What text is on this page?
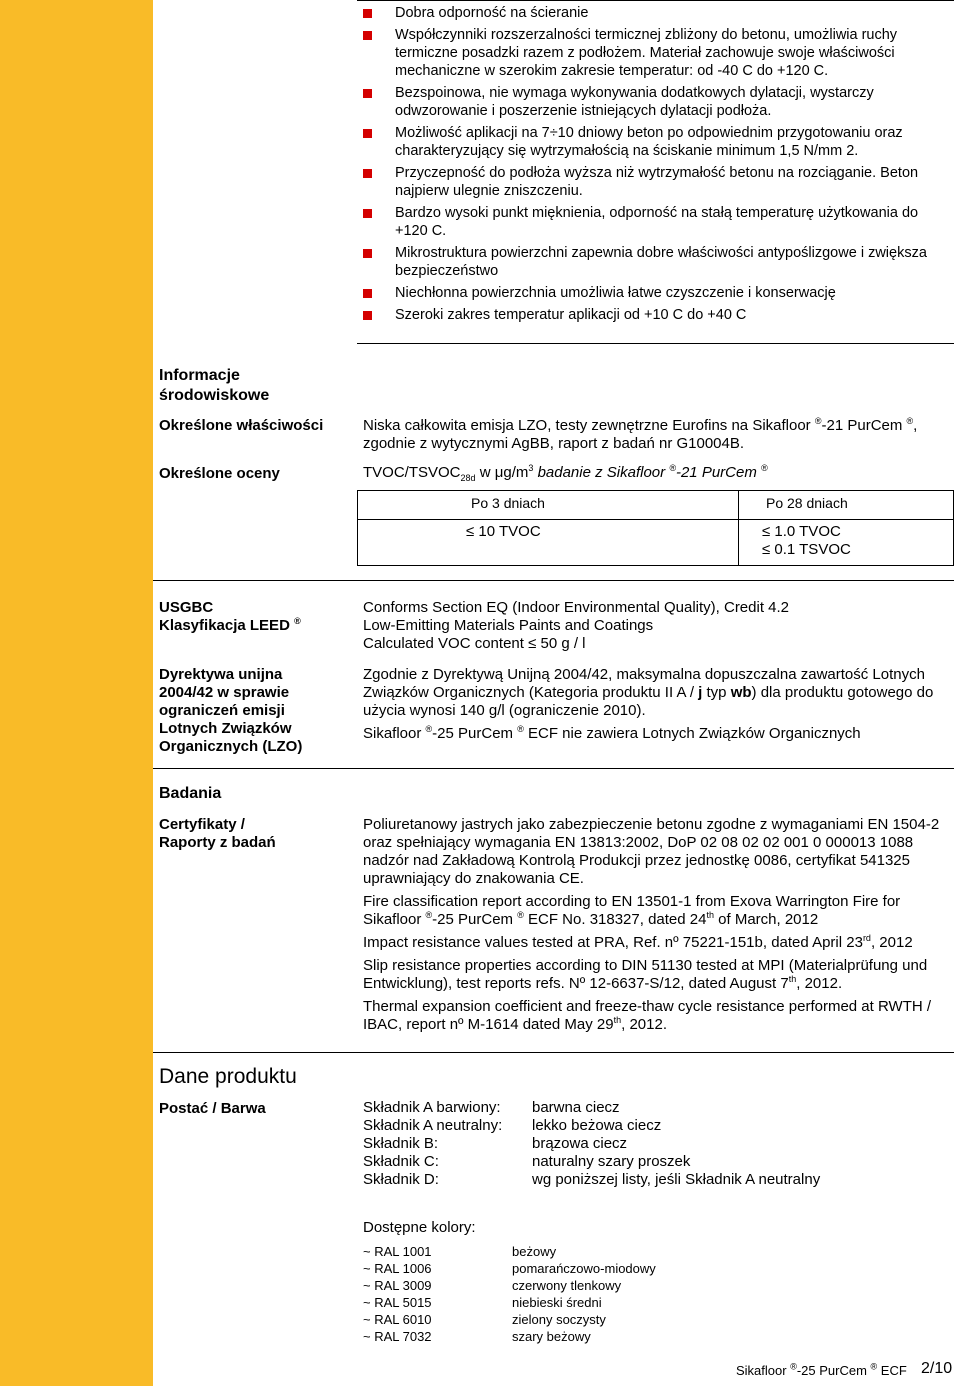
Dobra odporność na ścieranie
Współczynniki rozszerzalności termicznej zbliżony do betonu, umożliwia ruchy termiczne posadzki razem z podłożem. Materiał zachowuje swoje właściwości mechaniczne w szerokim zakresie temperatur: od -40 C do +120 C.
Bezspoinowa, nie wymaga wykonywania dodatkowych dylatacji, wystarczy odwzorowanie i poszerzenie istniejących dylatacji podłoża.
Możliwość aplikacji na 7÷10 dniowy beton po odpowiednim przygotowaniu oraz charakteryzujący się wytrzymałością na ściskanie minimum 1,5 N/mm 2.
Przyczepność do podłoża wyższa niż wytrzymałość betonu na rozciąganie. Beton najpierw ulegnie zniszczeniu.
Bardzo wysoki punkt mięknienia, odporność na stałą temperaturę użytkowania do +120 C.
Mikrostruktura powierzchni zapewnia dobre właściwości antypoślizgowe i zwiększa bezpieczeństwo
Niechłonna powierzchnia umożliwia łatwe czyszczenie i konserwację
Szeroki zakres temperatur aplikacji od +10 C do +40 C
Informacje
środowiskowe
Określone właściwości	Niska całkowita emisja LZO, testy zewnętrzne Eurofins na Sikafloor ®-21 PurCem ®,
zgodnie z wytycznymi AgBB, raport z badań nr G10004B.
Określone oceny	TVOC/$TSVOC_{28d}$ w $\mu g/m^3$ badanie z Sikafloor ®-21 PurCem ®
Po 3 dniach	Po 28 dniach
≤ 10 TVOC	≤ 1.0 TVOC
≤ 0.1 TSVOC
USGBC
Klasyfikacja LEED ®
Conforms Section EQ (Indoor Environmental Quality), Credit 4.2
Low-Emitting Materials Paints and Coatings
Calculated VOC content ≤ 50 g / l
Dyrektywa unijna
2004/42 w sprawie
ograniczeń emisji
Lotnych Związków
Organicznych (LZO)

Zgodnie z Dyrektywą Unijną 2004/42, maksymalna dopuszczalna zawartość Lotnych Związków Organicznych (Kategoria produktu II A / j typ wb) dla produktu gotowego do użycia wynosi 140 g/l (ograniczenie 2010).

Sikafloor ®-25 PurCem ® ECF nie zawiera Lotnych Związków Organicznych

Badania
Certyfikaty /
Raporty z badań

Poliuretanowy jastrych jako zabezpieczenie betonu zgodne z wymaganiami EN 1504-2 oraz spełniający wymagania EN 13813:2002, DoP 02 08 02 02 001 0 000013 1088 nadzór nad Zakładową Kontrolą Produkcji przez jednostkę 0086, certyfikat 541325 uprawniający do znakowania CE.

Fire classification report according to EN 13501-1 from Exova Warrington Fire for Sikafloor ®-25 PurCem ® ECF No. 318327, dated 24th of March, 2012

Impact resistance values tested at PRA, Ref. nº 75221-151b, dated April 23rd, 2012

Slip resistance properties according to DIN 51130 tested at MPI (Materialprüfung und Entwicklung), test reports refs. Nº 12-6637-S/12, dated August 7th, 2012.

Thermal expansion coefficient and freeze-thaw cycle resistance performed at RWTH / IBAC, report nº M-1614 dated May 29th, 2012.

Dane produktu
Postać / Barwa	Składnik A barwiony: barwna ciecz
Składnik A neutralny: lekko beżowa ciecz
Składnik B:	brązowa ciecz
Składnik C:	naturalny szary proszek
Składnik D:	wg poniższej listy, jeśli Składnik A neutralny
Dostępne kolory:
~ RAL 1001	beżowy
~ RAL 1006	pomarańczowo-miodowy
~ RAL 3009	czerwony tlenkowy
~ RAL 5015	niebieski średni
~ RAL 6010	zielony soczysty
~ RAL 7032	szary beżowy
Sikafloor ®-25 PurCem ® ECF 2/10
